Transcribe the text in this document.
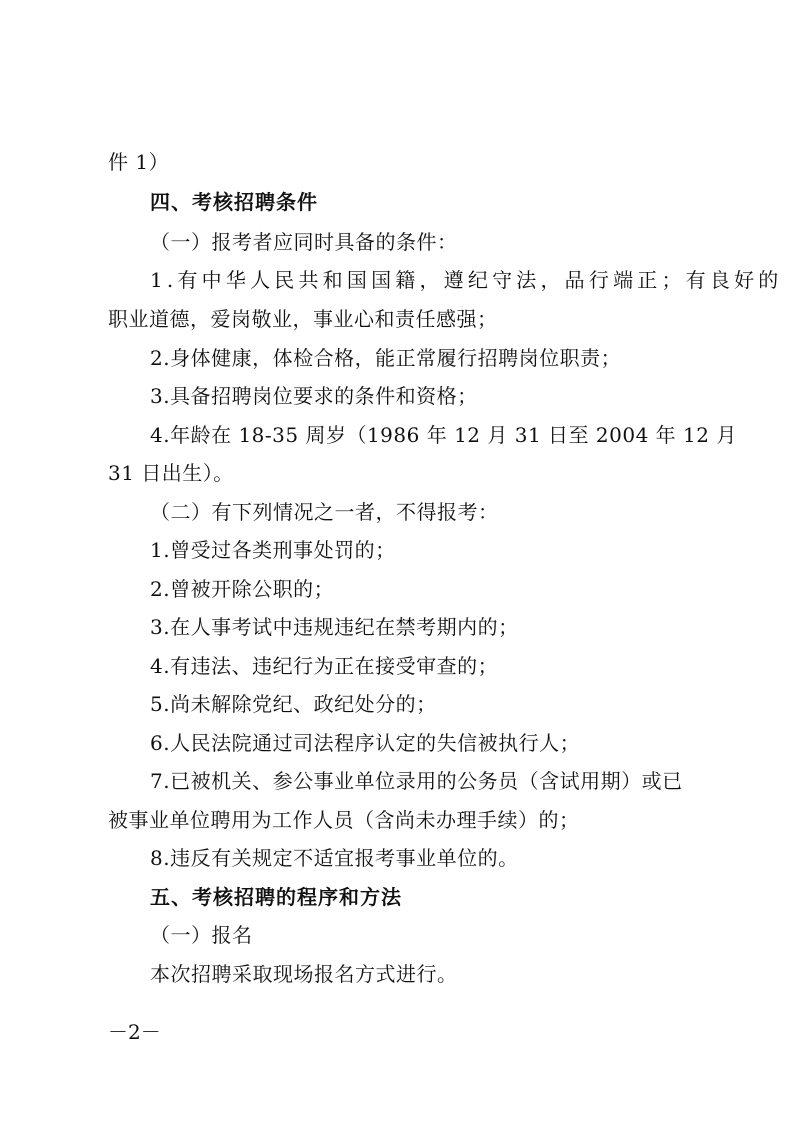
件 1）
四、考核招聘条件
（一）报考者应同时具备的条件：
1.有中华人民共和国国籍，遵纪守法，品行端正；有良好的
职业道德，爱岗敬业，事业心和责任感强；
2.身体健康，体检合格，能正常履行招聘岗位职责；
3.具备招聘岗位要求的条件和资格；
4.年龄在 18-35 周岁（1986 年 12 月 31 日至 2004 年 12 月
31 日出生）。
（二）有下列情况之一者，不得报考：
1.曾受过各类刑事处罚的；
2.曾被开除公职的；
3.在人事考试中违规违纪在禁考期内的；
4.有违法、违纪行为正在接受审查的；
5.尚未解除党纪、政纪处分的；
6.人民法院通过司法程序认定的失信被执行人；
7.已被机关、参公事业单位录用的公务员（含试用期）或已
被事业单位聘用为工作人员（含尚未办理手续）的；
8.违反有关规定不适宜报考事业单位的。
五、考核招聘的程序和方法
（一）报名
本次招聘采取现场报名方式进行。
－2－
